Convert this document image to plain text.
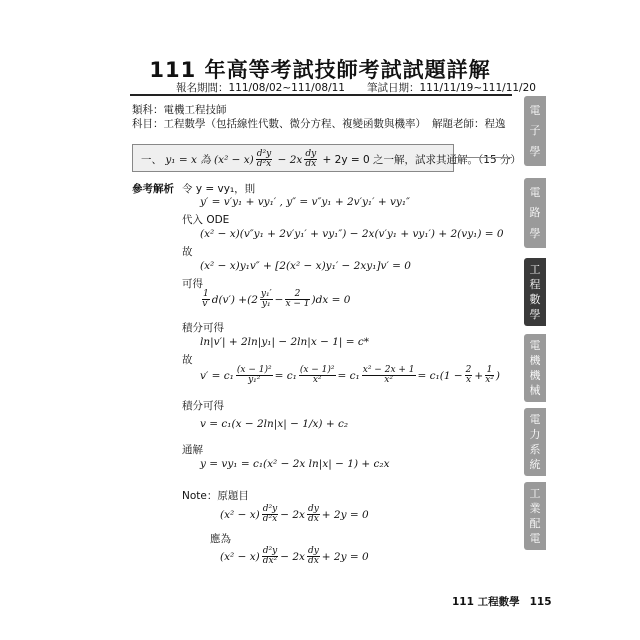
111 年高等考試技師考試試題詳解
報名期間：111/08/02~111/08/11 筆試日期：111/11/19~111/11/20
類科：電機工程技師
科目：工程數學（包括線性代數、微分方程、複變函數與機率） 解題老師：程逸
一、 y₁ = x 為 $(x^2 - x) \frac{\text{d²y}}{\text{d²x}} - 2x \frac{dy}{dx} + 2y = 0$ 之一解，試求其通解。（15 分）
參考解析 令 y = vy₁，則
y′ = v′y₁ + vy₁′ , y″ = v″y₁ + 2v′y₁′ + vy₁″
代入 ODE
(x² − x)(v″y₁ + 2v′y₁′ + vy₁″) − 2x(v′y₁ + vy₁′) + 2(vy₁) = 0
故
(x² − x)y₁v″ + [2(x² − x)y₁′ − 2xy₁]v′ = 0
可得
$\frac{1}{v'} d(v') +(2 \frac{\text{y₁′}}{\text{y₁}} - \frac{2}{x - 1} )dx = 0$
積分可得
ln|v′| + 2ln|y₁| − 2ln|x − 1| = c*
故
$v' = c_1 \frac{\text{(x − 1)²}}{\text{y₁²}} = c_1 \frac{\text{(x − 1)²}}{\text{x²}} = c_1 \frac{\text{x² − 2x + 1}}{\text{x²}} = c_1(1 - \frac{2}{x} + \frac{1}{\text{x²}}$ )
積分可得
v = c₁(x − 2ln|x| − 1/x) + c₂
通解
y = vy₁ = c₁(x² − 2x ln|x| − 1) + c₂x
Note：原題目
$(x^2 - x) \frac{\text{d²y}}{\text{d²x}} - 2x \frac{dy}{dx} + 2y = 0$
應為
$(x^2 - x) \frac{\text{d²y}}{\text{dx²}} - 2x \frac{dy}{dx} + 2y = 0$
111 工程數學 115
電
子
學
電
路
學
工
程
數
學
電
機
機
械
電
力
系
統
工
業
配
電
